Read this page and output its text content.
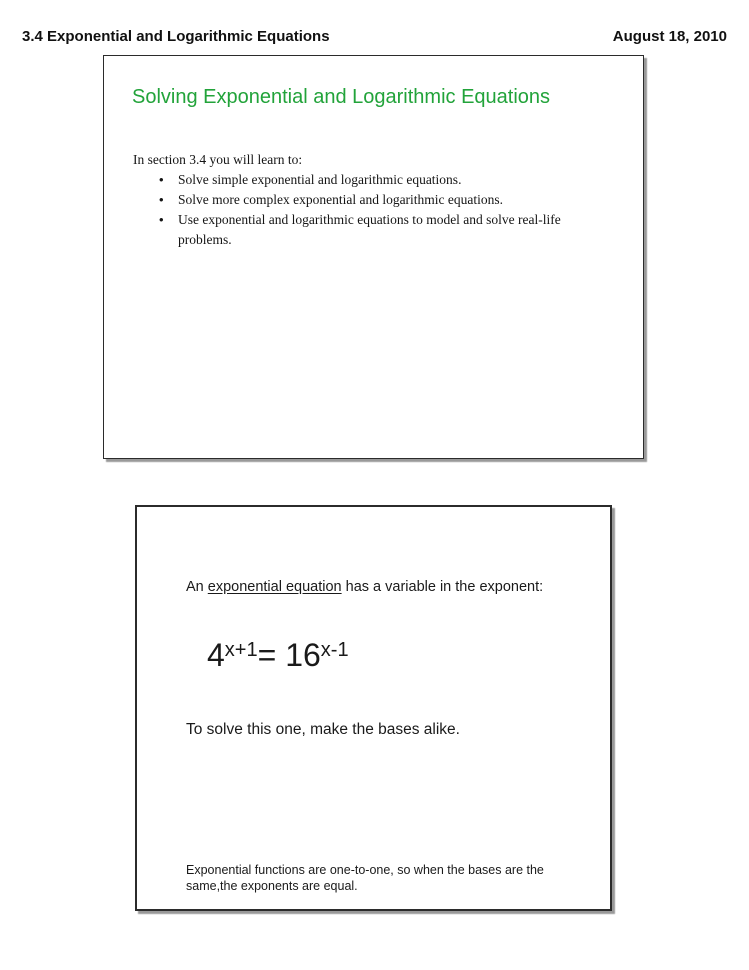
3.4 Exponential and Logarithmic Equations	August 18, 2010
Solving Exponential and Logarithmic Equations
In section 3.4 you will learn to:
• Solve simple exponential and logarithmic equations.
• Solve more complex exponential and logarithmic equations.
• Use exponential and logarithmic equations to model and solve real-life problems.
An exponential equation has a variable in the exponent:
$4^{x+1}= 16^{x-1}$
To solve this one, make the bases alike.
Exponential functions are one-to-one, so when the bases are the
same,the exponents are equal.
